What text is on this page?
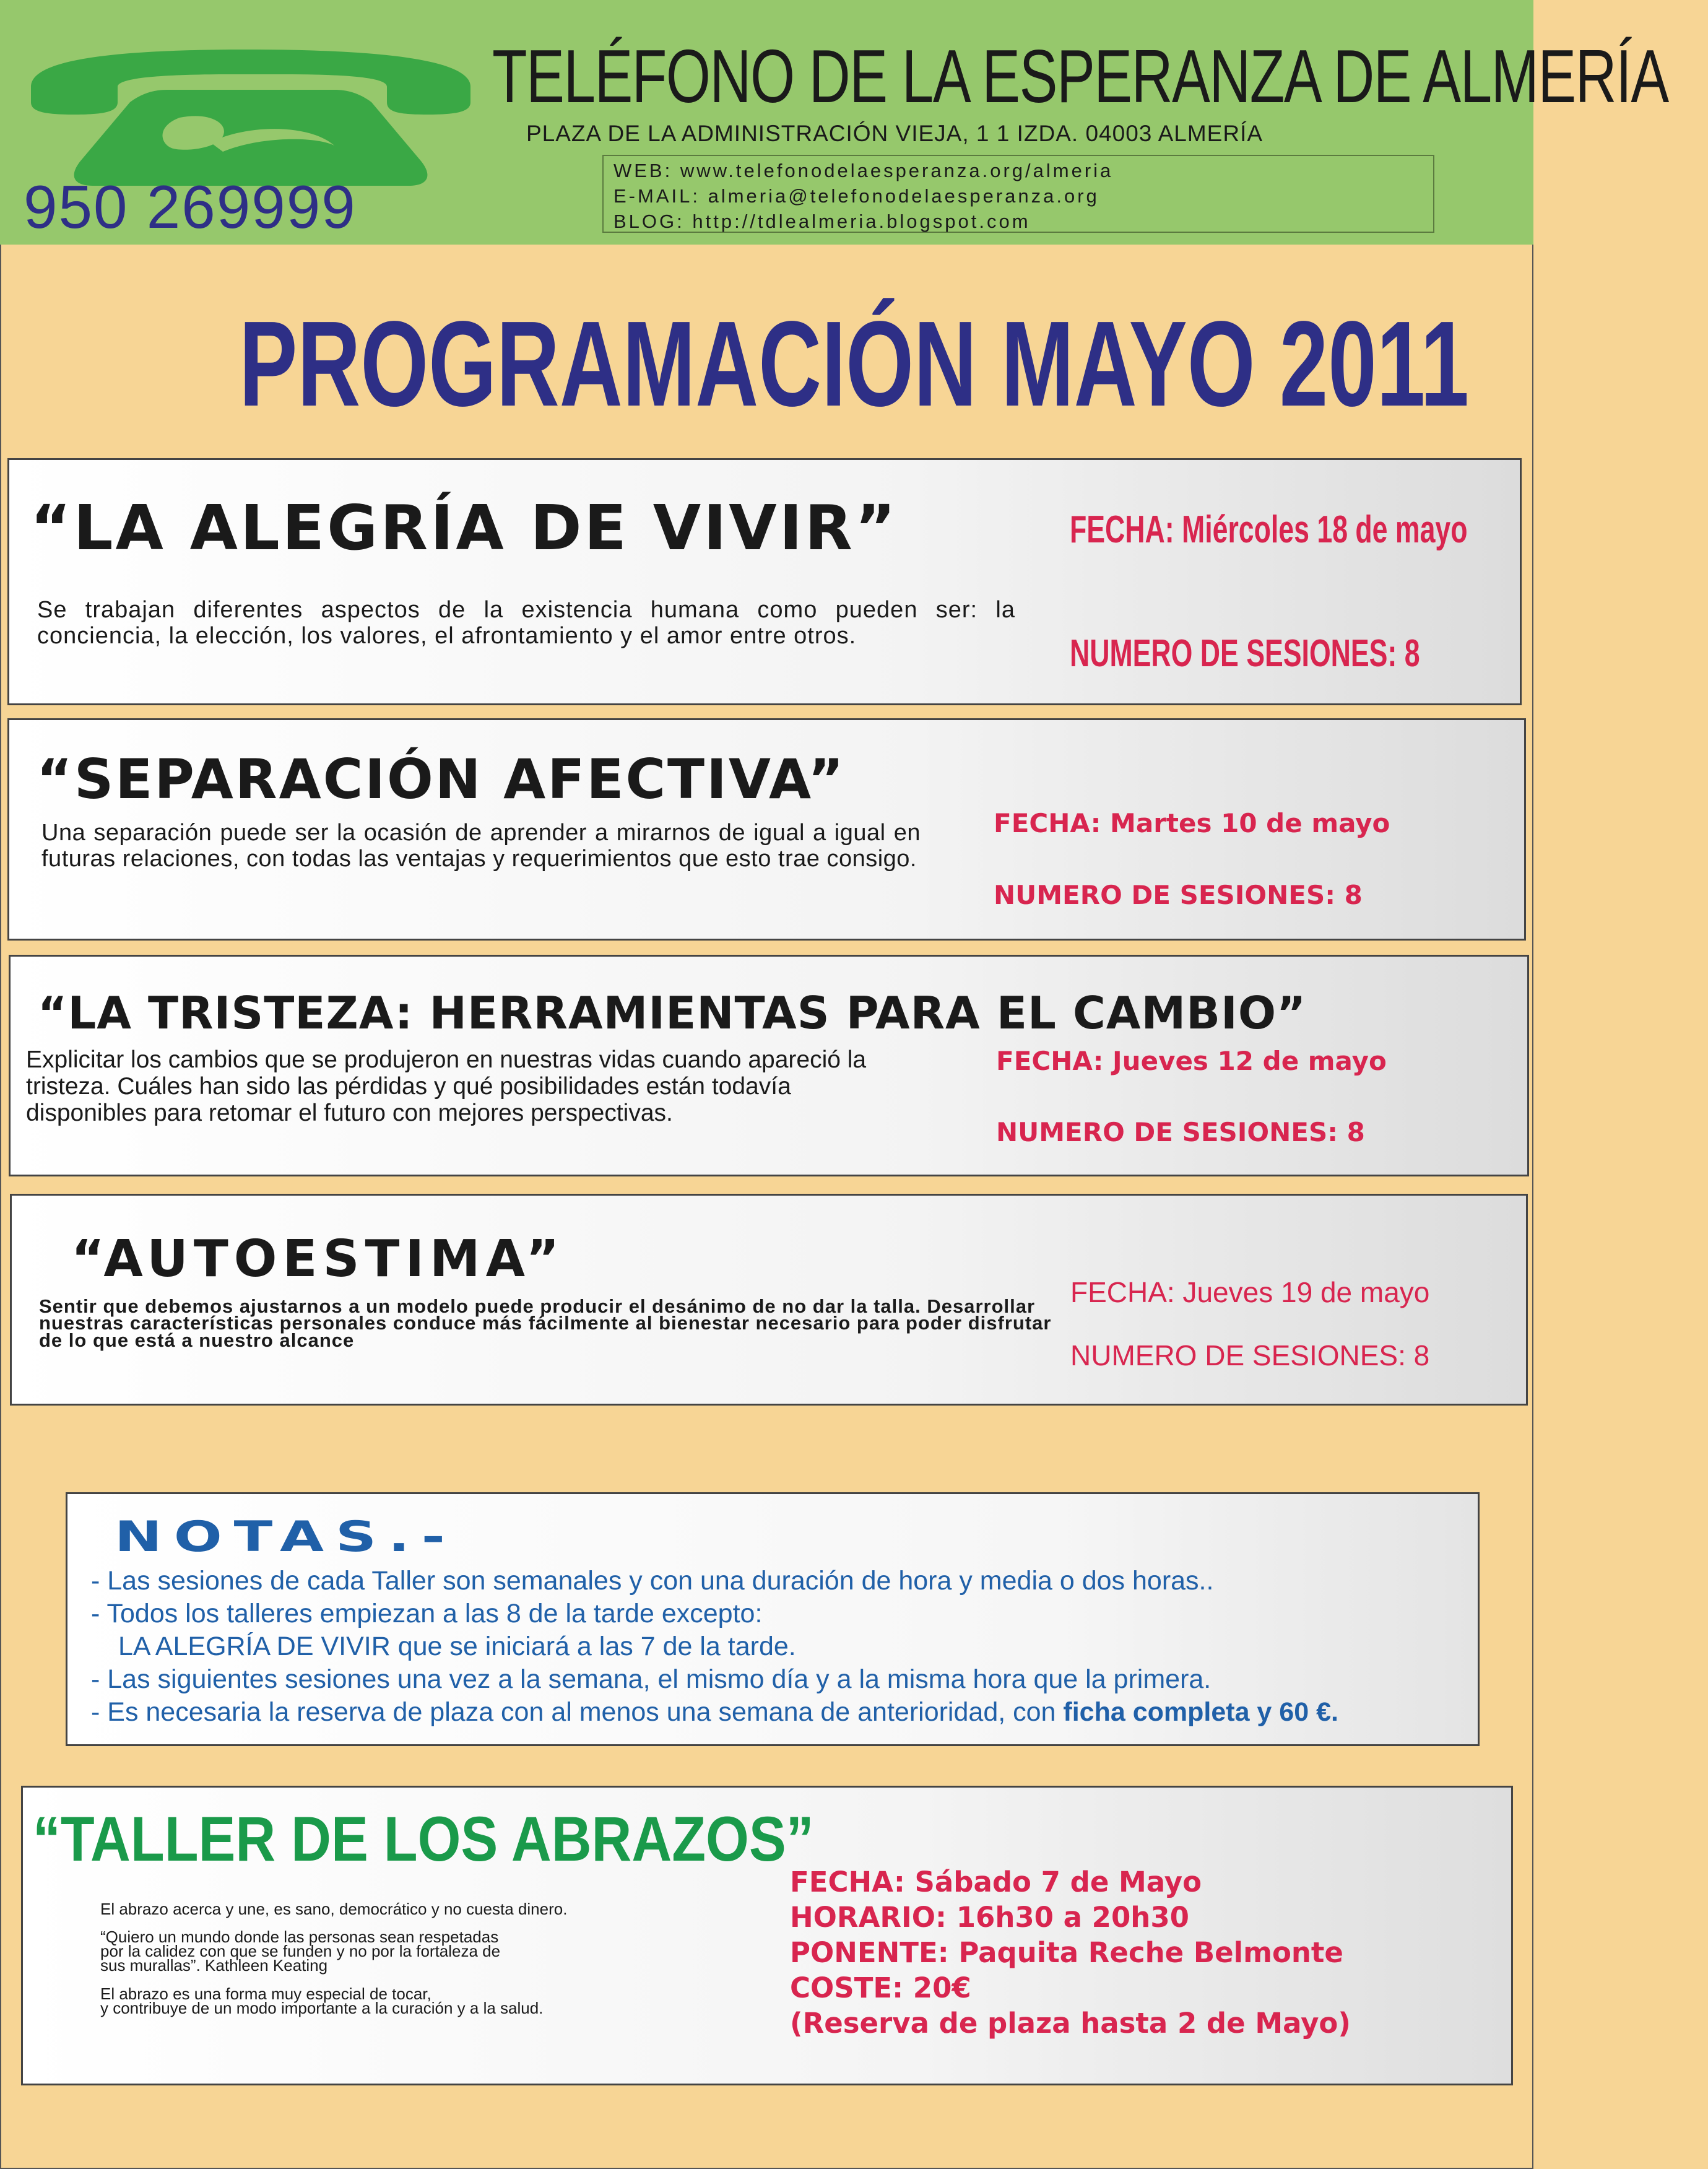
950 269999
TELÉFONO DE LA ESPERANZA DE ALMERÍA
PLAZA DE LA ADMINISTRACIÓN VIEJA, 1 1 IZDA. 04003 ALMERÍA
WEB: www.telefonodelaesperanza.org/almeria
E-MAIL: almeria@telefonodelaesperanza.org
BLOG: http://tdlealmeria.blogspot.com
PROGRAMACIÓN MAYO 2011
“LA ALEGRÍA DE VIVIR”
Se trabajan diferentes aspectos de la existencia humana como pueden ser: la conciencia, la elección, los valores, el afrontamiento y el amor entre otros.
FECHA: Miércoles 18 de mayo
NUMERO DE SESIONES: 8
“SEPARACIÓN AFECTIVA”
Una separación puede ser la ocasión de aprender a mirarnos de igual a igual en futuras relaciones, con todas las ventajas y requerimientos que esto trae consigo.
FECHA: Martes 10 de mayo
NUMERO DE SESIONES: 8
“LA TRISTEZA: HERRAMIENTAS PARA EL CAMBIO”
Explicitar los cambios que se produjeron en nuestras vidas cuando apareció la tristeza. Cuáles han sido las pérdidas y qué posibilidades están todavía disponibles para retomar el futuro con mejores perspectivas.
FECHA: Jueves 12 de mayo
NUMERO DE SESIONES: 8
“AUTOESTIMA”
Sentir que debemos ajustarnos a un modelo puede producir el desánimo de no dar la talla. Desarrollar nuestras características personales conduce más fácilmente al bienestar necesario para poder disfrutar de lo que está a nuestro alcance
FECHA: Jueves 19 de mayo
NUMERO DE SESIONES: 8
NOTAS.-
- Las sesiones de cada Taller son semanales y con una duración de hora y media o dos horas..
- Todos los talleres empiezan a las 8 de la tarde excepto:
LA ALEGRÍA DE VIVIR que se iniciará a las 7 de la tarde.
- Las siguientes sesiones una vez a la semana, el mismo día y a la misma hora que la primera.
- Es necesaria la reserva de plaza con al menos una semana de anterioridad, con ficha completa y 60 €.
“TALLER DE LOS ABRAZOS”
El abrazo acerca y une, es sano, democrático y no cuesta dinero.
“Quiero un mundo donde las personas sean respetadas
por la calidez con que se funden y no por la fortaleza de
sus murallas”. Kathleen Keating
El abrazo es una forma muy especial de tocar,
y contribuye de un modo importante a la curación y a la salud.
FECHA: Sábado 7 de Mayo
HORARIO: 16h30 a 20h30
PONENTE: Paquita Reche Belmonte
COSTE: 20€
(Reserva de plaza hasta 2 de Mayo)
